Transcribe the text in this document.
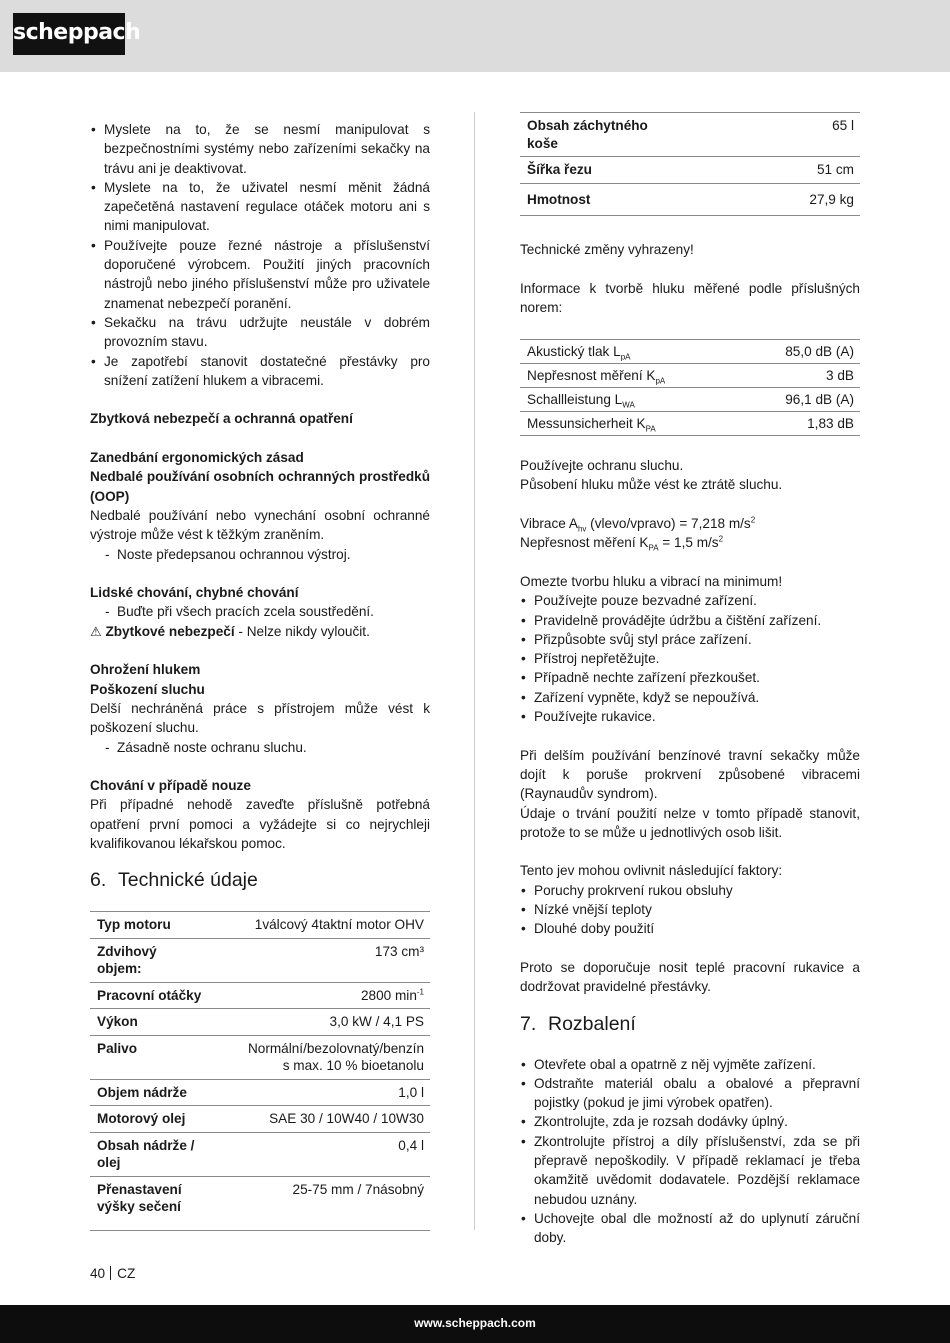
scheppach
• Myslete na to, že se nesmí manipulovat s bezpečnostními systémy nebo zařízeními sekačky na trávu ani je deaktivovat.
• Myslete na to, že uživatel nesmí měnit žádná zapečetěná nastavení regulace otáček motoru ani s nimi manipulovat.
• Používejte pouze řezné nástroje a příslušenství doporučené výrobcem. Použití jiných pracovních nástrojů nebo jiného příslušenství může pro uživatele znamenat nebezpečí poranění.
• Sekačku na trávu udržujte neustále v dobrém provozním stavu.
• Je zapotřebí stanovit dostatečné přestávky pro snížení zatížení hlukem a vibracemi.

Zbytková nebezpečí a ochranná opatření

Zanedbání ergonomických zásad

Nedbalé používání osobních ochranných prostředků (OOP)

Nedbalé používání nebo vynechání osobní ochranné výstroje může vést k těžkým zraněním.

- Noste předepsanou ochrannou výstroj.

Lidské chování, chybné chování

- Buďte při všech pracích zcela soustředění.

⚠ Zbytkové nebezpečí - Nelze nikdy vyloučit.

Ohrožení hlukem

Poškození sluchu

Delší nechráněná práce s přístrojem může vést k poškození sluchu.

- Zásadně noste ochranu sluchu.

Chování v případě nouze

Při případné nehodě zaveďte příslušně potřebná opatření první pomoci a vyžádejte si co nejrychleji kvalifikovanou lékařskou pomoc.

6. Technické údaje
Typ motoru	1válcový 4taktní motor OHV
Zdvihový objem:	173 cm³
Pracovní otáčky	2800 $\min^{-1}$
Výkon	3,0 kW / 4,1 PS
Palivo	Normální/bezolovnatý/benzín s max. 10 % bioetanolu
Objem nádrže	1,0 l
Motorový olej	SAE 30 / 10W40 / 10W30
Obsah nádrže / olej	0,4 l
Přenastavení výšky sečení	25-75 mm / 7násobný
Obsah záchytného koše	65 l
Šířka řezu	51 cm
Hmotnost	27,9 kg

Technické změny vyhrazeny!

Informace k tvorbě hluku měřené podle příslušných norem:

Akustický tlak $L_{pA}$	85,0 dB (A)
Nepřesnost měření $K_{pA}$	3 dB
Schallleistung $L_{WA}$	96,1 dB (A)
Messunsicherheit $K_{PA}$	1,83 dB

Používejte ochranu sluchu.

Působení hluku může vést ke ztrátě sluchu.

Vibrace $A_{hv}$ (vlevo/vpravo) = 7,218 $m/s^2$

Nepřesnost měření $K_{PA} = 1,5$ $m/s^2$

Omezte tvorbu hluku a vibrací na minimum!

• Používejte pouze bezvadné zařízení.
• Pravidelně provádějte údržbu a čištění zařízení.
• Přizpůsobte svůj styl práce zařízení.
• Přístroj nepřetěžujte.
• Případně nechte zařízení přezkoušet.
• Zařízení vypněte, když se nepoužívá.
• Používejte rukavice.

Při delším používání benzínové travní sekačky může dojít k poruše prokrvení způsobené vibracemi (Raynaudův syndrom).

Údaje o trvání použití nelze v tomto případě stanovit, protože to se může u jednotlivých osob lišit.

Tento jev mohou ovlivnit následující faktory:

• Poruchy prokrvení rukou obsluhy
• Nízké vnější teploty
• Dlouhé doby použití

Proto se doporučuje nosit teplé pracovní rukavice a dodržovat pravidelné přestávky.

7. Rozbalení
• Otevřete obal a opatrně z něj vyjměte zařízení.
• Odstraňte materiál obalu a obalové a přepravní pojistky (pokud je jimi výrobek opatřen).
• Zkontrolujte, zda je rozsah dodávky úplný.
• Zkontrolujte přístroj a díly příslušenství, zda se při přepravě nepoškodily. V případě reklamací je třeba okamžitě uvědomit dodavatele. Pozdější reklamace nebudou uznány.
• Uchovejte obal dle možností až do uplynutí záruční doby.
40 CZ
www.scheppach.com
